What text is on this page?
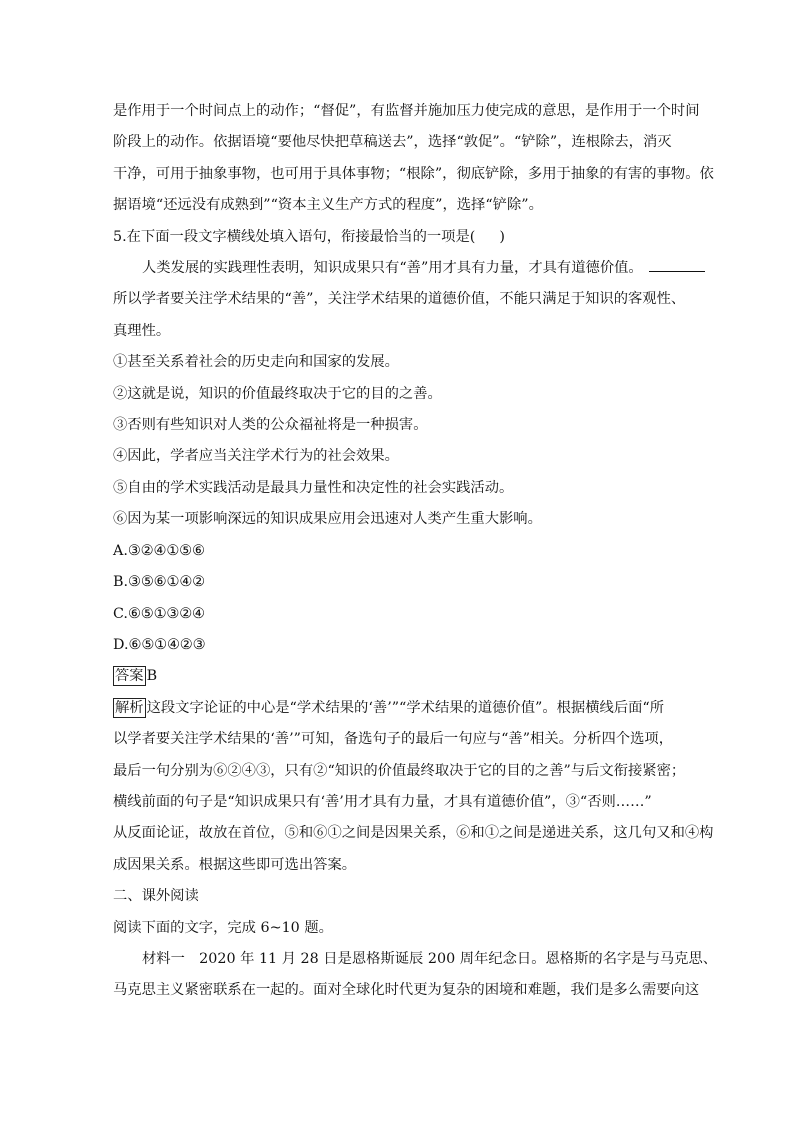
是作用于一个时间点上的动作；“督促”，有监督并施加压力使完成的意思，是作用于一个时间

阶段上的动作。依据语境“要他尽快把草稿送去”，选择“敦促”。“铲除”，连根除去，消灭

干净，可用于抽象事物，也可用于具体事物；“根除”，彻底铲除，多用于抽象的有害的事物。依

据语境“还远没有成熟到”“资本主义生产方式的程度”，选择“铲除”。

5.在下面一段文字横线处填入语句，衔接最恰当的一项是( )

人类发展的实践理性表明，知识成果只有“善”用才具有力量，才具有道德价值。

所以学者要关注学术结果的“善”，关注学术结果的道德价值，不能只满足于知识的客观性、

真理性。

①甚至关系着社会的历史走向和国家的发展。

②这就是说，知识的价值最终取决于它的目的之善。

③否则有些知识对人类的公众福祉将是一种损害。

④因此，学者应当关注学术行为的社会效果。

⑤自由的学术实践活动是最具力量性和决定性的社会实践活动。

⑥因为某一项影响深远的知识成果应用会迅速对人类产生重大影响。

A.③②④①⑤⑥

B.③⑤⑥①④②

C.⑥⑤①③②④

D.⑥⑤①④②③

答案 B

解析 这段文字论证的中心是“学术结果的‘善’”“学术结果的道德价值”。根据横线后面“所

以学者要关注学术结果的‘善’”可知，备选句子的最后一句应与“善”相关。分析四个选项，

最后一句分别为⑥②④③，只有②“知识的价值最终取决于它的目的之善”与后文衔接紧密；

横线前面的句子是“知识成果只有‘善’用才具有力量，才具有道德价值”，③“否则……”

从反面论证，故放在首位，⑤和⑥①之间是因果关系，⑥和①之间是递进关系，这几句又和④构

成因果关系。根据这些即可选出答案。

二、课外阅读

阅读下面的文字，完成 6~10 题。

材料一　2020 年 11 月 28 日是恩格斯诞辰 200 周年纪念日。恩格斯的名字是与马克思、

马克思主义紧密联系在一起的。面对全球化时代更为复杂的困境和难题，我们是多么需要向这
